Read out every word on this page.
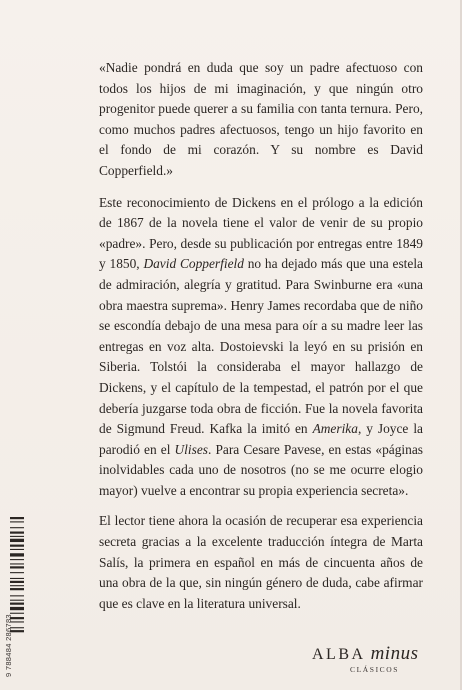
«Nadie pondrá en duda que soy un padre afectuoso con todos los hijos de mi imaginación, y que ningún otro progenitor puede querer a su familia con tanta ternura. Pero, como muchos padres afectuosos, tengo un hijo favorito en el fondo de mi corazón. Y su nombre es David Copperfield.»

Este reconocimiento de Dickens en el prólogo a la edición de 1867 de la novela tiene el valor de venir de su propio «padre». Pero, desde su publicación por entregas entre 1849 y 1850, David Copperfield no ha dejado más que una estela de admiración, alegría y gratitud. Para Swinburne era «una obra maestra suprema». Henry James recordaba que de niño se escondía debajo de una mesa para oír a su madre leer las entregas en voz alta. Dostoievski la leyó en su prisión en Siberia. Tolstói la consideraba el mayor hallazgo de Dickens, y el capítulo de la tempestad, el patrón por el que debería juzgarse toda obra de ficción. Fue la novela favorita de Sigmund Freud. Kafka la imitó en Amerika, y Joyce la parodió en el Ulises. Para Cesare Pavese, en estas «páginas inolvidables cada uno de nosotros (no se me ocurre elogio mayor) vuelve a encontrar su propia experiencia secreta».

El lector tiene ahora la ocasión de recuperar esa experiencia secreta gracias a la excelente traducción íntegra de Marta Salís, la primera en español en más de cincuenta años de una obra de la que, sin ningún género de duda, cabe afirmar que es clave en la literatura universal.

9 788484 286783	ALBA minus
CLÁSICOS
